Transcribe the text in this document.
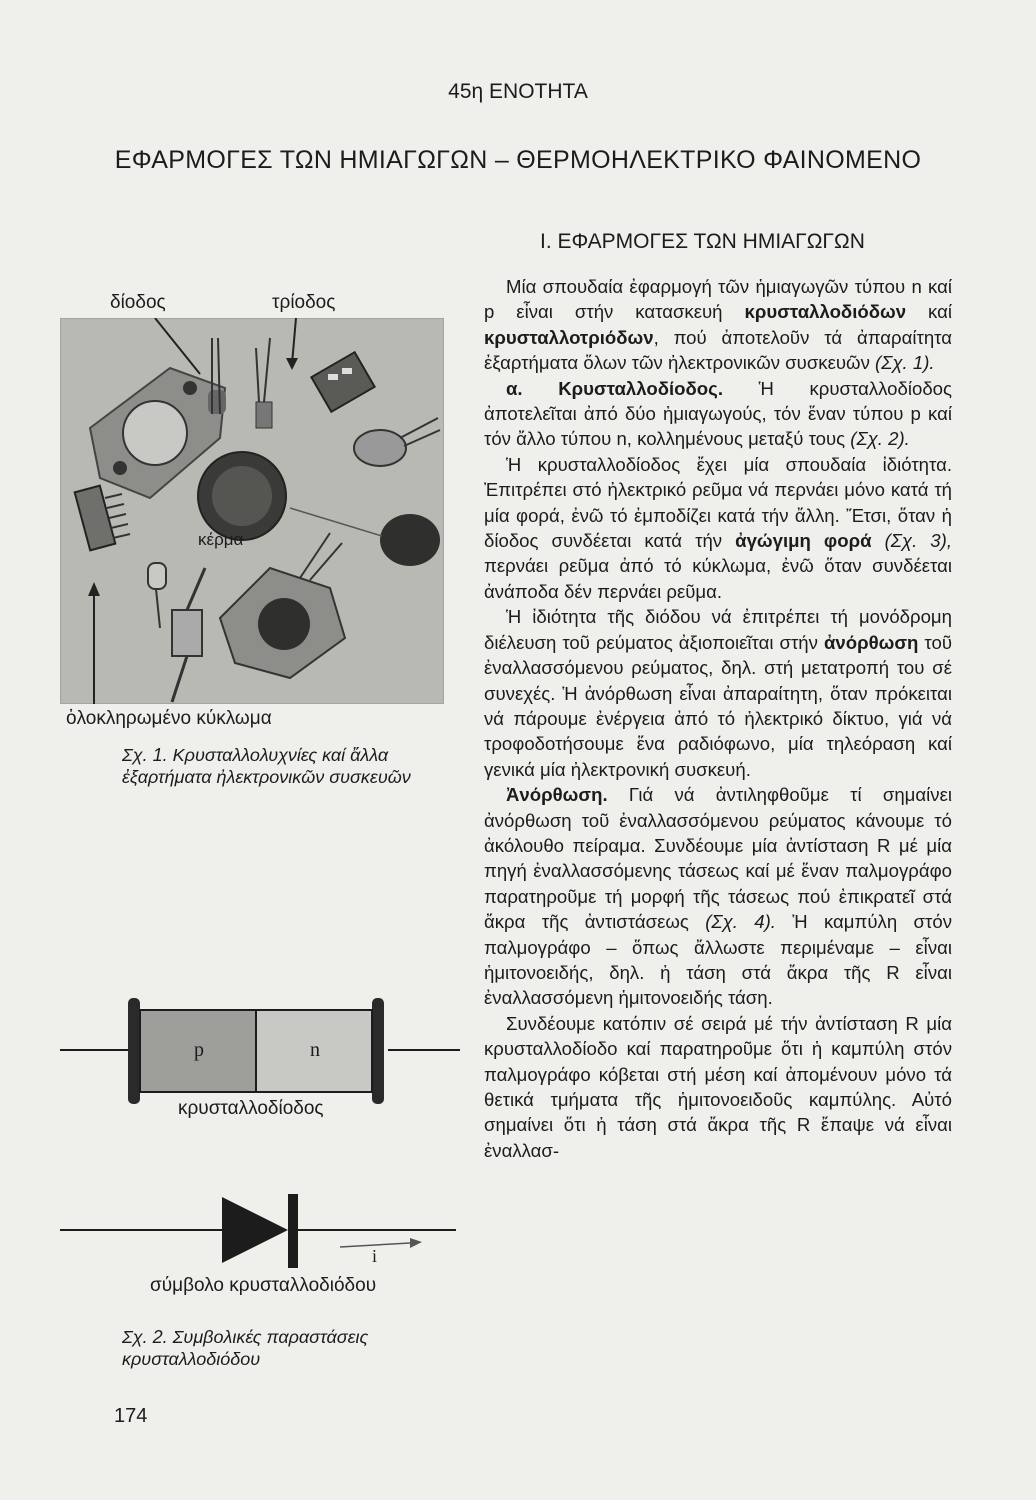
45η ΕΝΟΤΗΤΑ
ΕΦΑΡΜΟΓΕΣ ΤΩΝ ΗΜΙΑΓΩΓΩΝ – ΘΕΡΜΟΗΛΕΚΤΡΙΚΟ ΦΑΙΝΟΜΕΝΟ
Ι. ΕΦΑΡΜΟΓΕΣ ΤΩΝ ΗΜΙΑΓΩΓΩΝ
δίοδος	τρίοδος
κέρμα
ὁλοκληρωμένο κύκλωμα
Σχ. 1. Κρυσταλλολυχνίες καί ἄλλα ἐξαρτήματα ἠλεκτρονικῶν συσκευῶν
p	n
i
κρυσταλλοδίοδος
σύμβολο κρυσταλλοδιόδου
Σχ. 2. Συμβολικές παραστάσεις κρυσταλλοδιόδου
174

Μία σπουδαία ἐφαρμογή τῶν ἡμιαγωγῶν τύπου n καί p εἶναι στήν κατασκευή κρυσταλλοδιόδων καί κρυσταλλοτριόδων, πού ἀποτελοῦν τά ἀπαραίτητα ἐξαρτήματα ὅλων τῶν ἠλεκτρονικῶν συσκευῶν (Σχ. 1).

α. Κρυσταλλοδίοδος. Ἡ κρυσταλλοδίοδος ἀποτελεῖται ἀπό δύο ἡμιαγωγούς, τόν ἕναν τύπου p καί τόν ἄλλο τύπου n, κολλημένους μεταξύ τους (Σχ. 2).

Ἡ κρυσταλλοδίοδος ἔχει μία σπουδαία ἰδιότητα. Ἐπιτρέπει στό ἠλεκτρικό ρεῦμα νά περνάει μόνο κατά τή μία φορά, ἐνῶ τό ἐμποδίζει κατά τήν ἄλλη. Ἔτσι, ὅταν ἡ δίοδος συνδέεται κατά τήν ἀγώγιμη φορά (Σχ. 3), περνάει ρεῦμα ἀπό τό κύκλωμα, ἐνῶ ὅταν συνδέεται ἀνάποδα δέν περνάει ρεῦμα.

Ἡ ἰδιότητα τῆς διόδου νά ἐπιτρέπει τή μονόδρομη διέλευση τοῦ ρεύματος ἀξιοποιεῖται στήν ἀνόρθωση τοῦ ἐναλλασσόμενου ρεύματος, δηλ. στή μετατροπή του σέ συνεχές. Ἡ ἀνόρθωση εἶναι ἀπαραίτητη, ὅταν πρόκειται νά πάρουμε ἐνέργεια ἀπό τό ἠλεκτρικό δίκτυο, γιά νά τροφοδοτήσουμε ἕνα ραδιόφωνο, μία τηλεόραση καί γενικά μία ἠλεκτρονική συσκευή.

Ἀνόρθωση. Γιά νά ἀντιληφθοῦμε τί σημαίνει ἀνόρθωση τοῦ ἐναλλασσόμενου ρεύματος κάνουμε τό ἀκόλουθο πείραμα. Συνδέουμε μία ἀντίσταση R μέ μία πηγή ἐναλλασσόμενης τάσεως καί μέ ἕναν παλμογράφο παρατηροῦμε τή μορφή τῆς τάσεως πού ἐπικρατεῖ στά ἄκρα τῆς ἀντιστάσεως (Σχ. 4). Ἡ καμπύλη στόν παλμογράφο – ὅπως ἄλλωστε περιμέναμε – εἶναι ἡμιτονοειδής, δηλ. ἡ τάση στά ἄκρα τῆς R εἶναι ἐναλλασσόμενη ἡμιτονοειδής τάση.

Συνδέουμε κατόπιν σέ σειρά μέ τήν ἀντίσταση R μία κρυσταλλοδίοδο καί παρατηροῦμε ὅτι ἡ καμπύλη στόν παλμογράφο κόβεται στή μέση καί ἀπομένουν μόνο τά θετικά τμήματα τῆς ἡμιτονοειδοῦς καμπύλης. Αὐτό σημαίνει ὅτι ἡ τάση στά ἄκρα τῆς R ἔπαψε νά εἶναι ἐναλλασ-
